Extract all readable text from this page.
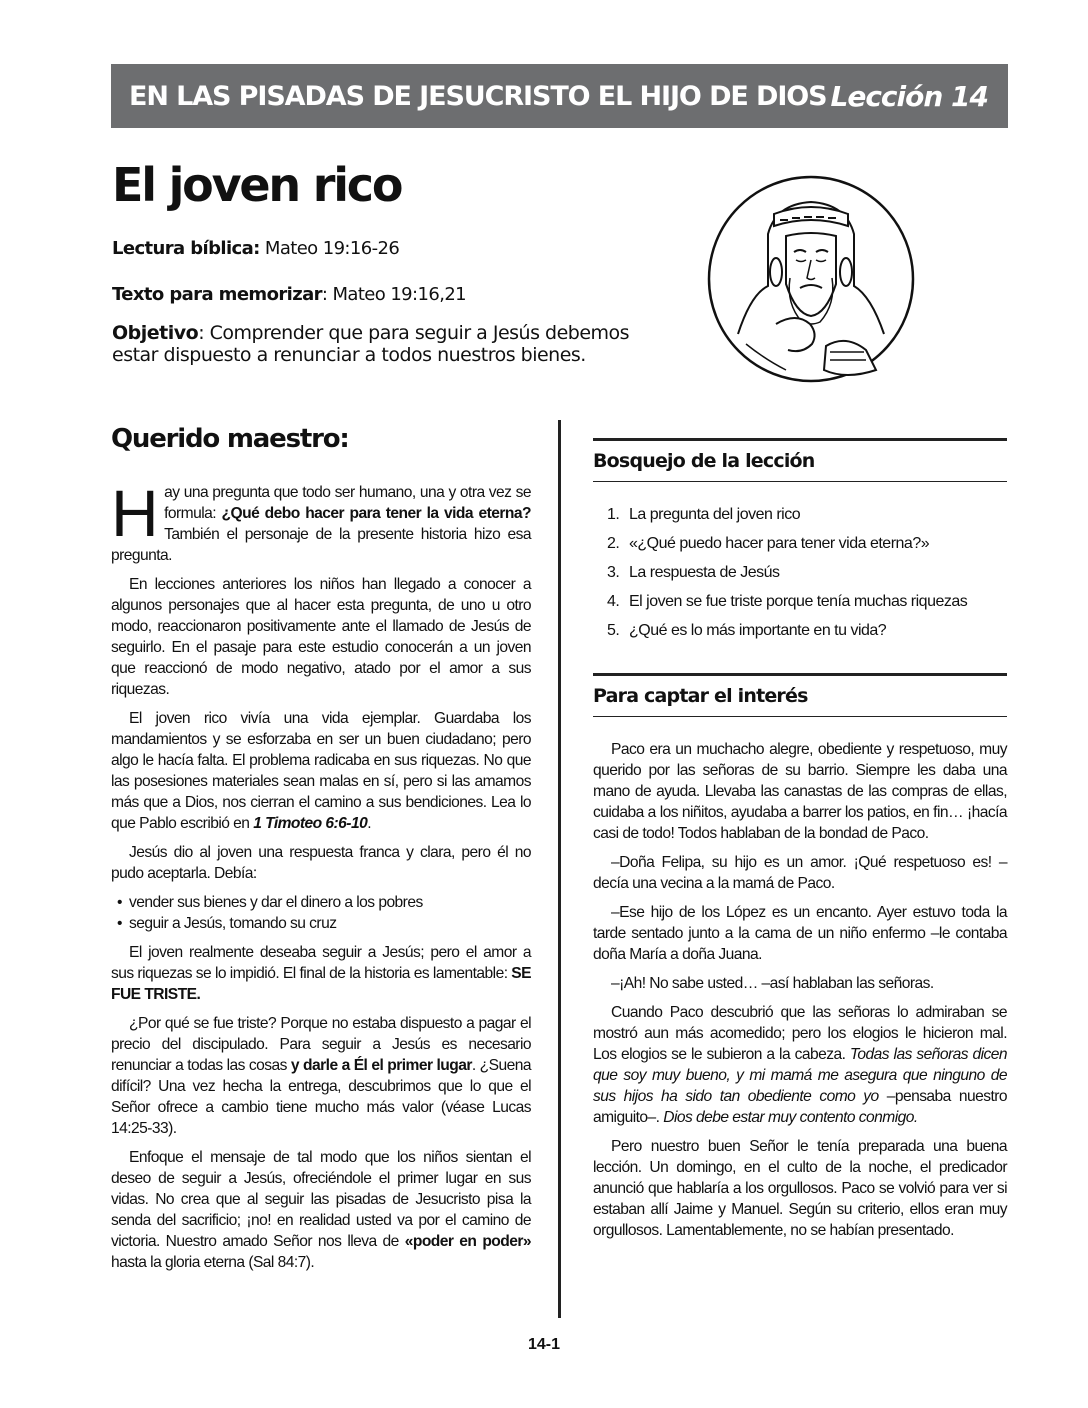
EN LAS PISADAS DE JESUCRISTO EL HIJO DE DIOS Lección 14
El joven rico
Lectura bíblica: Mateo 19:16-26
Texto para memorizar: Mateo 19:16,21
Objetivo: Comprender que para seguir a Jesús debemos estar dispuesto a renunciar a todos nuestros bienes.
Querido maestro:

Hay una pregunta que todo ser humano, una y otra vez se formula: ¿Qué debo hacer para tener la vida eterna? También el personaje de la presente historia hizo esa pregunta.

En lecciones anteriores los niños han llegado a conocer a algunos personajes que al hacer esta pregunta, de uno u otro modo, reaccionaron positivamente ante el llamado de Jesús de seguirlo. En el pasaje para este estudio conocerán a un joven que reaccionó de modo negativo, atado por el amor a sus riquezas.

El joven rico vivía una vida ejemplar. Guardaba los mandamientos y se esforzaba en ser un buen ciudadano; pero algo le hacía falta. El problema radicaba en sus riquezas. No que las posesiones materiales sean malas en sí, pero si las amamos más que a Dios, nos cierran el camino a sus bendiciones. Lea lo que Pablo escribió en 1 Timoteo 6:6-10.

Jesús dio al joven una respuesta franca y clara, pero él no pudo aceptarla. Debía:

• vender sus bienes y dar el dinero a los pobres
• seguir a Jesús, tomando su cruz

El joven realmente deseaba seguir a Jesús; pero el amor a sus riquezas se lo impidió. El final de la historia es lamentable: SE FUE TRISTE.

¿Por qué se fue triste? Porque no estaba dispuesto a pagar el precio del discipulado. Para seguir a Jesús es necesario renunciar a todas las cosas y darle a Él el primer lugar. ¿Suena difícil? Una vez hecha la entrega, descubrimos que lo que el Señor ofrece a cambio tiene mucho más valor (véase Lucas 14:25-33).

Enfoque el mensaje de tal modo que los niños sientan el deseo de seguir a Jesús, ofreciéndole el primer lugar en sus vidas. No crea que al seguir las pisadas de Jesucristo pisa la senda del sacrificio; ¡no! en realidad usted va por el camino de victoria. Nuestro amado Señor nos lleva de «poder en poder» hasta la gloria eterna (Sal 84:7).

Bosquejo de la lección
1. La pregunta del joven rico
2. «¿Qué puedo hacer para tener vida eterna?»
3. La respuesta de Jesús
4. El joven se fue triste porque tenía muchas riquezas
5. ¿Qué es lo más importante en tu vida?
Para captar el interés

Paco era un muchacho alegre, obediente y respetuoso, muy querido por las señoras de su barrio. Siempre les daba una mano de ayuda. Llevaba las canastas de las compras de ellas, cuidaba a los niñitos, ayudaba a barrer los patios, en fin… ¡hacía casi de todo! Todos hablaban de la bondad de Paco.

–Doña Felipa, su hijo es un amor. ¡Qué respetuoso es! –decía una vecina a la mamá de Paco.

–Ese hijo de los López es un encanto. Ayer estuvo toda la tarde sentado junto a la cama de un niño enfermo –le contaba doña María a doña Juana.

–¡Ah! No sabe usted… –así hablaban las señoras.

Cuando Paco descubrió que las señoras lo admiraban se mostró aun más acomedido; pero los elogios le hicieron mal. Los elogios se le subieron a la cabeza. Todas las señoras dicen que soy muy bueno, y mi mamá me asegura que ninguno de sus hijos ha sido tan obediente como yo –pensaba nuestro amiguito–. Dios debe estar muy contento conmigo.

Pero nuestro buen Señor le tenía preparada una buena lección. Un domingo, en el culto de la noche, el predicador anunció que hablaría a los orgullosos. Paco se volvió para ver si estaban allí Jaime y Manuel. Según su criterio, ellos eran muy orgullosos. Lamentablemente, no se habían presentado.

14-1
